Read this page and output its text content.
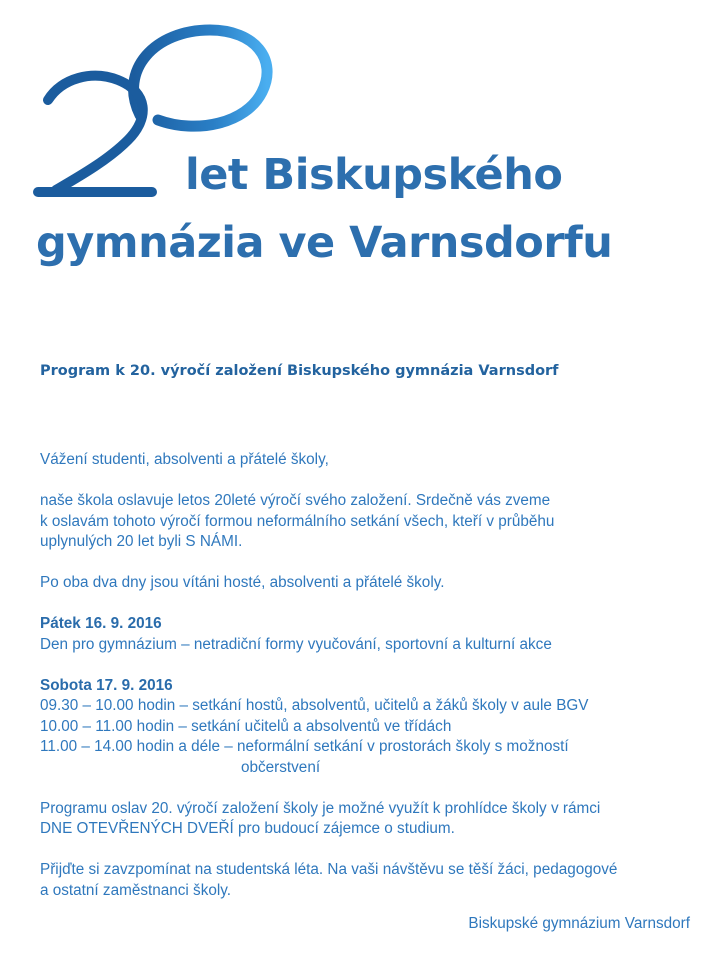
let Biskupského
gymnázia ve Varnsdorfu

Program k 20. výročí založení Biskupského gymnázia Varnsdorf

Vážení studenti, absolventi a přátelé školy,

naše škola oslavuje letos 20leté výročí svého založení. Srdečně vás zveme

k oslavám tohoto výročí formou neformálního setkání všech, kteří v průběhu

uplynulých 20 let byli S NÁMI.

Po oba dva dny jsou vítáni hosté, absolventi a přátelé školy.

Pátek 16. 9. 2016

Den pro gymnázium – netradiční formy vyučování, sportovní a kulturní akce

Sobota 17. 9. 2016

09.30 – 10.00 hodin – setkání hostů, absolventů, učitelů a žáků školy v aule BGV

10.00 – 11.00 hodin – setkání učitelů a absolventů ve třídách

11.00 – 14.00 hodin a déle – neformální setkání v prostorách školy s možností

občerstvení

Programu oslav 20. výročí založení školy je možné využít k prohlídce školy v rámci

DNE OTEVŘENÝCH DVEŘÍ pro budoucí zájemce o studium.

Přijďte si zavzpomínat na studentská léta. Na vaši návštěvu se těší žáci, pedagogové

a ostatní zaměstnanci školy.

Biskupské gymnázium Varnsdorf
